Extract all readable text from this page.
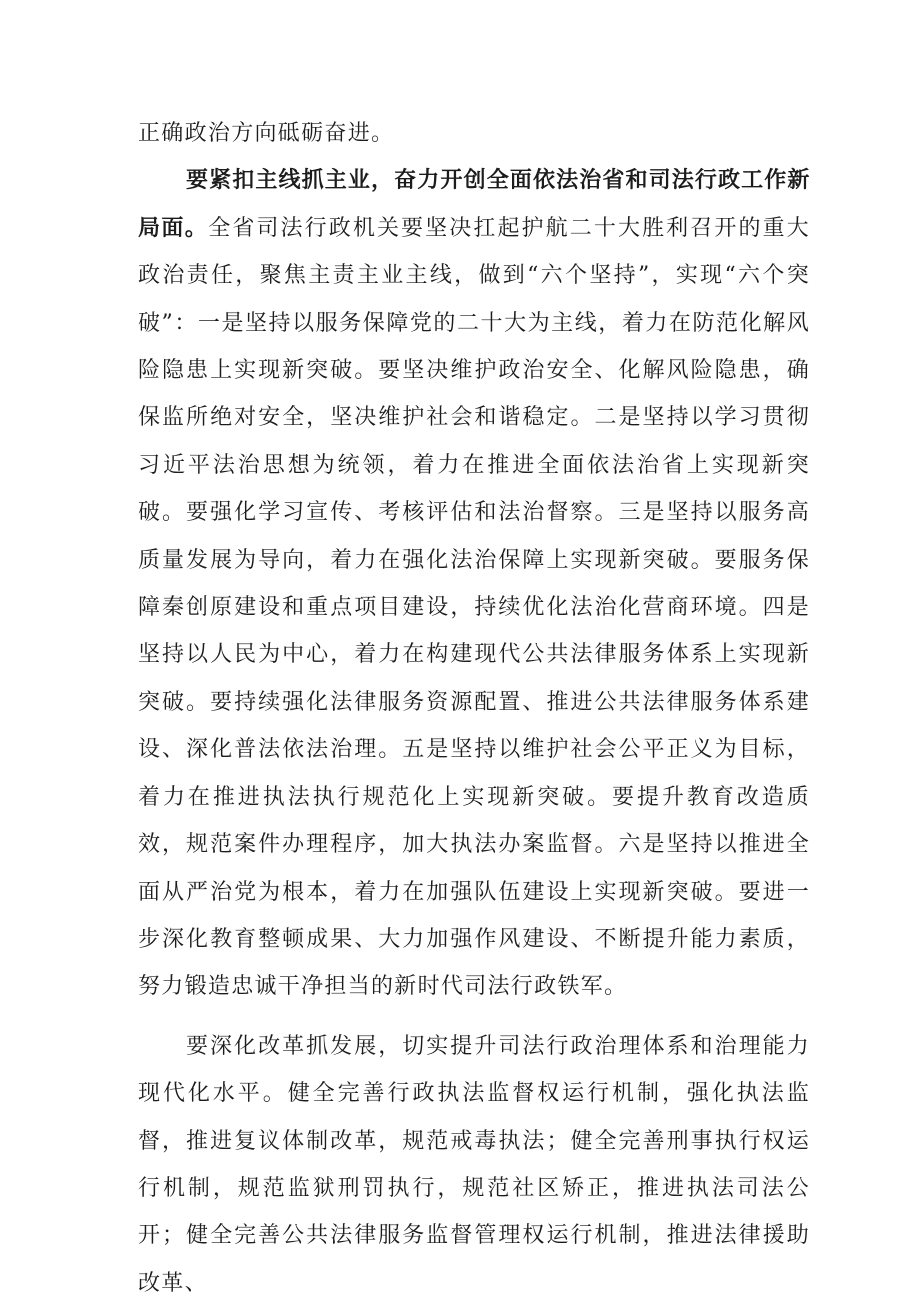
正确政治方向砥砺奋进。

要紧扣主线抓主业，奋力开创全面依法治省和司法行政工作新局面。全省司法行政机关要坚决扛起护航二十大胜利召开的重大政治责任，聚焦主责主业主线，做到“六个坚持”，实现“六个突破”：一是坚持以服务保障党的二十大为主线，着力在防范化解风险隐患上实现新突破。要坚决维护政治安全、化解风险隐患，确保监所绝对安全，坚决维护社会和谐稳定。二是坚持以学习贯彻习近平法治思想为统领，着力在推进全面依法治省上实现新突破。要强化学习宣传、考核评估和法治督察。三是坚持以服务高质量发展为导向，着力在强化法治保障上实现新突破。要服务保障秦创原建设和重点项目建设，持续优化法治化营商环境。四是坚持以人民为中心，着力在构建现代公共法律服务体系上实现新突破。要持续强化法律服务资源配置、推进公共法律服务体系建设、深化普法依法治理。五是坚持以维护社会公平正义为目标，着力在推进执法执行规范化上实现新突破。要提升教育改造质效，规范案件办理程序，加大执法办案监督。六是坚持以推进全面从严治党为根本，着力在加强队伍建设上实现新突破。要进一步深化教育整顿成果、大力加强作风建设、不断提升能力素质，努力锻造忠诚干净担当的新时代司法行政铁军。

要深化改革抓发展，切实提升司法行政治理体系和治理能力现代化水平。健全完善行政执法监督权运行机制，强化执法监督，推进复议体制改革，规范戒毒执法；健全完善刑事执行权运行机制，规范监狱刑罚执行，规范社区矫正，推进执法司法公开；健全完善公共法律服务监督管理权运行机制，推进法律援助改革、
